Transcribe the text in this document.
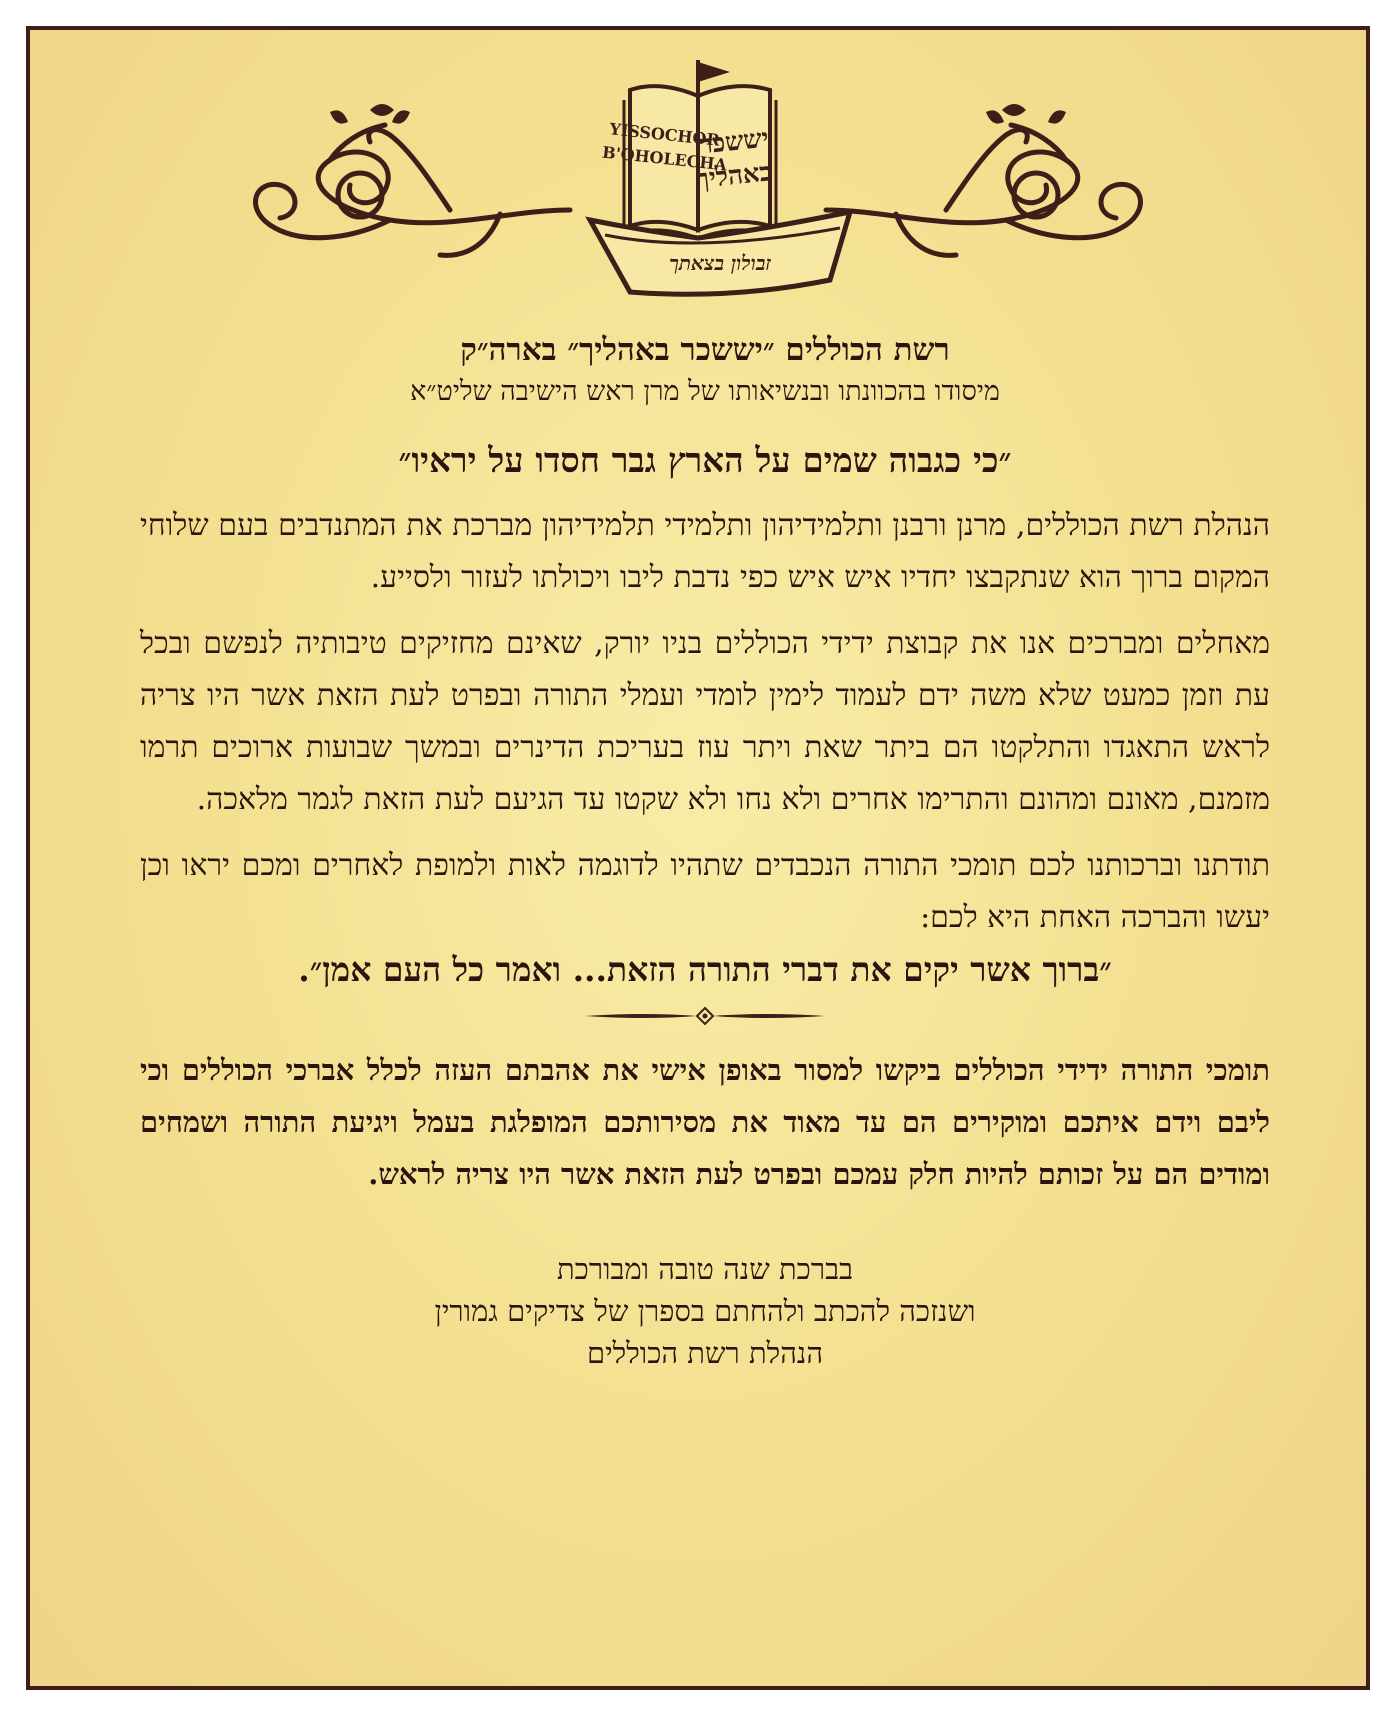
YISSOCHOR
B'OHOLECHA
יששכר
באהליך
זבולון בצאתך
רשת הכוללים ״יששכר באהליך״ בארה״ק

מיסודו בהכוונתו ובנשיאותו של מרן ראש הישיבה שליט״א

״כי כגבוה שמים על הארץ גבר חסדו על יראיו״

הנהלת רשת הכוללים, מרנן ורבנן ותלמידיהון ותלמידי תלמידיהון מברכת את המתנדבים בעם שלוחי המקום ברוך הוא שנתקבצו יחדיו איש איש כפי נדבת ליבו ויכולתו לעזור ולסייע.

מאחלים ומברכים אנו את קבוצת ידידי הכוללים בניו יורק, שאינם מחזיקים טיבותיה לנפשם ובכל עת וזמן כמעט שלא משה ידם לעמוד לימין לומדי ועמלי התורה ובפרט לעת הזאת אשר היו צריה לראש התאגדו והתלקטו הם ביתר שאת ויתר עוז בעריכת הדינרים ובמשך שבועות ארוכים תרמו מזמנם, מאונם ומהונם והתרימו אחרים ולא נחו ולא שקטו עד הגיעם לעת הזאת לגמר מלאכה.

תודתנו וברכותנו לכם תומכי התורה הנכבדים שתהיו לדוגמה לאות ולמופת לאחרים ומכם יראו וכן יעשו והברכה האחת היא לכם:

״ברוך אשר יקים את דברי התורה הזאת... ואמר כל העם אמן״.

תומכי התורה ידידי הכוללים ביקשו למסור באופן אישי את אהבתם העזה לכלל אברכי הכוללים וכי ליבם וידם איתכם ומוקירים הם עד מאוד את מסירותכם המופלגת בעמל ויגיעת התורה ושמחים ומודים הם על זכותם להיות חלק עמכם ובפרט לעת הזאת אשר היו צריה לראש.

בברכת שנה טובה ומבורכת
ושנזכה להכתב ולהחתם בספרן של צדיקים גמורין
הנהלת רשת הכוללים
